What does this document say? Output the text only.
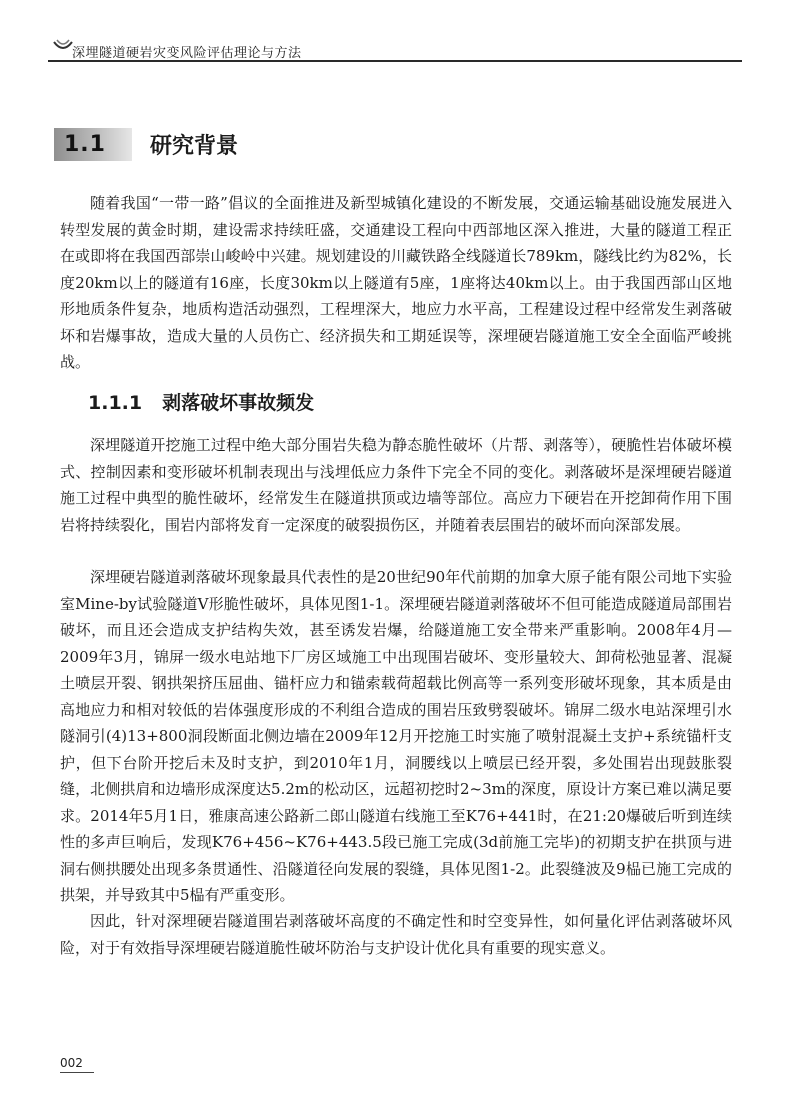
深埋隧道硬岩灾变风险评估理论与方法
1.1	研究背景

随着我国“一带一路”倡议的全面推进及新型城镇化建设的不断发展，交通运输基础设施发展进入转型发展的黄金时期，建设需求持续旺盛，交通建设工程向中西部地区深入推进，大量的隧道工程正在或即将在我国西部崇山峻岭中兴建。规划建设的川藏铁路全线隧道长789km，隧线比约为82%，长度20km以上的隧道有16座，长度30km以上隧道有5座，1座将达40km以上。由于我国西部山区地形地质条件复杂，地质构造活动强烈，工程埋深大，地应力水平高，工程建设过程中经常发生剥落破坏和岩爆事故，造成大量的人员伤亡、经济损失和工期延误等，深埋硬岩隧道施工安全全面临严峻挑战。

1.1.1 剥落破坏事故频发

深埋隧道开挖施工过程中绝大部分围岩失稳为静态脆性破坏（片帮、剥落等），硬脆性岩体破坏模式、控制因素和变形破坏机制表现出与浅埋低应力条件下完全不同的变化。剥落破坏是深埋硬岩隧道施工过程中典型的脆性破坏，经常发生在隧道拱顶或边墙等部位。高应力下硬岩在开挖卸荷作用下围岩将持续裂化，围岩内部将发育一定深度的破裂损伤区，并随着表层围岩的破坏而向深部发展。

深埋硬岩隧道剥落破坏现象最具代表性的是20世纪90年代前期的加拿大原子能有限公司地下实验室Mine-by试验隧道V形脆性破坏，具体见图1-1。深埋硬岩隧道剥落破坏不但可能造成隧道局部围岩破坏，而且还会造成支护结构失效，甚至诱发岩爆，给隧道施工安全带来严重影响。2008年4月—2009年3月，锦屏一级水电站地下厂房区域施工中出现围岩破坏、变形量较大、卸荷松弛显著、混凝土喷层开裂、钢拱架挤压屈曲、锚杆应力和锚索载荷超载比例高等一系列变形破坏现象，其本质是由高地应力和相对较低的岩体强度形成的不利组合造成的围岩压致劈裂破坏。锦屏二级水电站深埋引水隧洞引(4)13+800洞段断面北侧边墙在2009年12月开挖施工时实施了喷射混凝土支护+系统锚杆支护，但下台阶开挖后未及时支护，到2010年1月，洞腰线以上喷层已经开裂，多处围岩出现鼓胀裂缝，北侧拱肩和边墙形成深度达5.2m的松动区，远超初挖时2~3m的深度，原设计方案已难以满足要求。2014年5月1日，雅康高速公路新二郎山隧道右线施工至K76+441时，在21:20爆破后听到连续性的多声巨响后，发现K76+456~K76+443.5段已施工完成(3d前施工完毕)的初期支护在拱顶与进洞右侧拱腰处出现多条贯通性、沿隧道径向发展的裂缝，具体见图1-2。此裂缝波及9榀已施工完成的拱架，并导致其中5榀有严重变形。

因此，针对深埋硬岩隧道围岩剥落破坏高度的不确定性和时空变异性，如何量化评估剥落破坏风险，对于有效指导深埋硬岩隧道脆性破坏防治与支护设计优化具有重要的现实意义。

002
